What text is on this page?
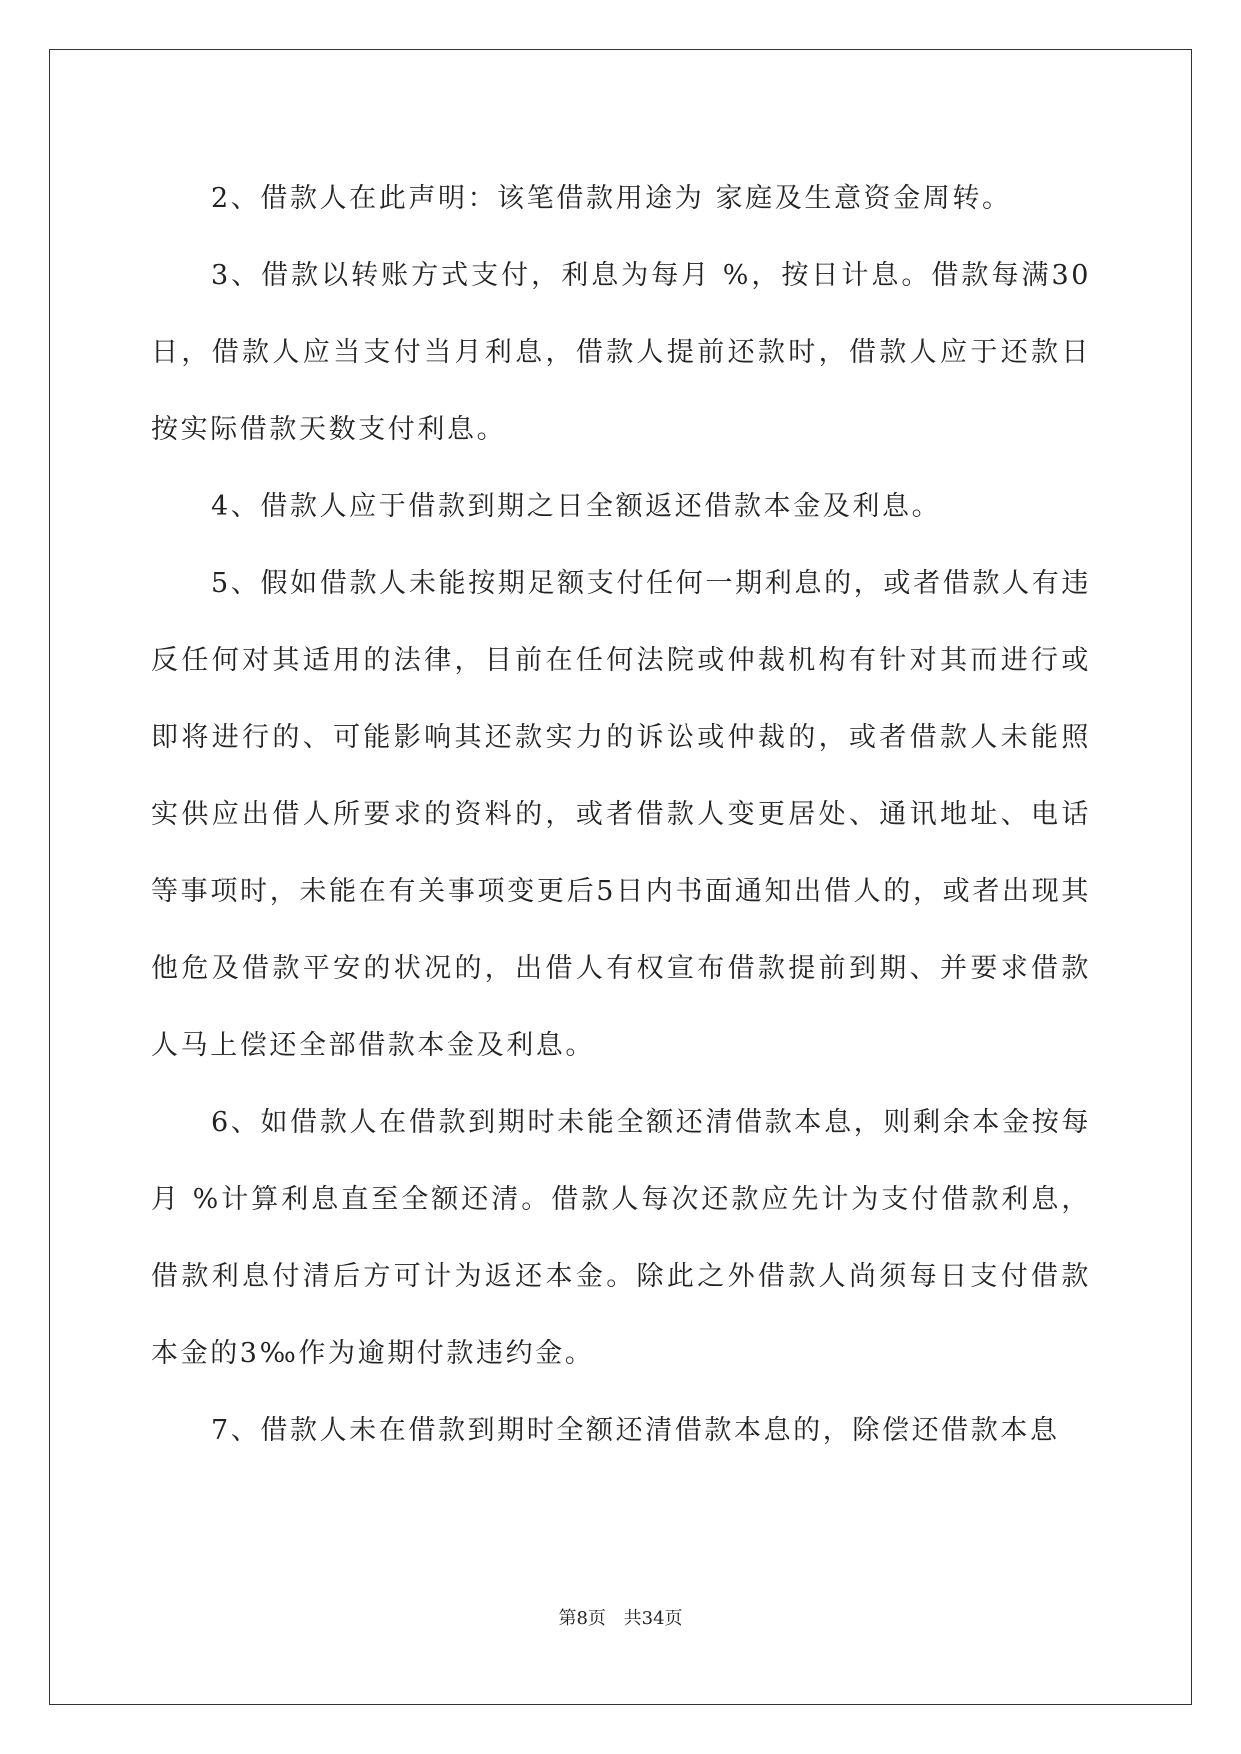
2、借款人在此声明：该笔借款用途为 家庭及生意资金周转。

3、借款以转账方式支付，利息为每月 %，按日计息。借款每满30日，借款人应当支付当月利息，借款人提前还款时，借款人应于还款日按实际借款天数支付利息。

4、借款人应于借款到期之日全额返还借款本金及利息。

5、假如借款人未能按期足额支付任何一期利息的，或者借款人有违反任何对其适用的法律，目前在任何法院或仲裁机构有针对其而进行或即将进行的、可能影响其还款实力的诉讼或仲裁的，或者借款人未能照实供应出借人所要求的资料的，或者借款人变更居处、通讯地址、电话等事项时，未能在有关事项变更后5日内书面通知出借人的，或者出现其他危及借款平安的状况的，出借人有权宣布借款提前到期、并要求借款人马上偿还全部借款本金及利息。

6、如借款人在借款到期时未能全额还清借款本息，则剩余本金按每月 %计算利息直至全额还清。借款人每次还款应先计为支付借款利息，借款利息付清后方可计为返还本金。除此之外借款人尚须每日支付借款本金的3‰作为逾期付款违约金。

7、借款人未在借款到期时全额还清借款本息的，除偿还借款本息

第8页 共34页
